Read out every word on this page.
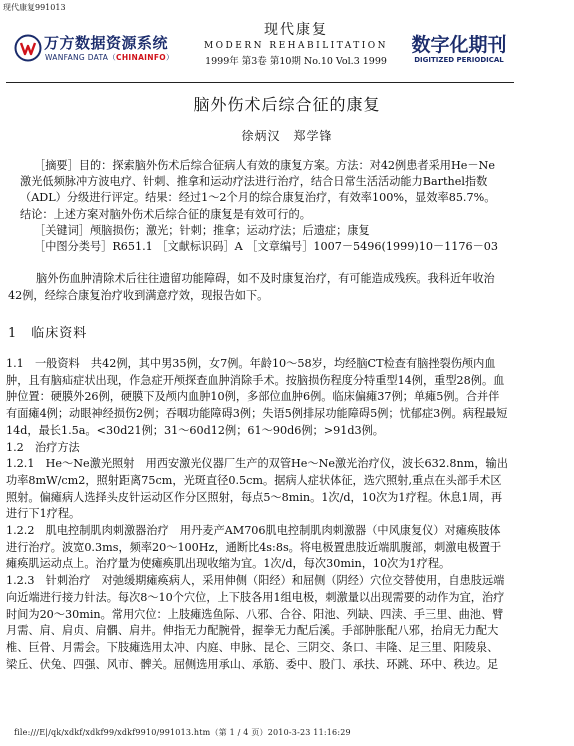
现代康复991013
万方数据资源系统
WANFANG DATA（CHINAINFO）
现代康复
MODERN REHABILITATION
1999年 第3卷 第10期 No.10 Vol.3 1999
数字化期刊
DIGITIZED PERIODICAL
脑外伤术后综合征的康复
徐炳汉　郑学锋

［摘要］目的：探索脑外伤术后综合征病人有效的康复方案。方法：对42例患者采用He－Ne激光低频脉冲方波电疗、针刺、推拿和运动疗法进行治疗，结合日常生活活动能力Barthel指数（ADL）分级进行评定。结果：经过1～2个月的综合康复治疗，有效率100%，显效率85.7%。结论：上述方案对脑外伤术后综合征的康复是有效可行的。

［关键词］颅脑损伤；激光；针刺；推拿；运动疗法；后遗症；康复

［中图分类号］R651.1 ［文献标识码］A ［文章编号］1007－5496(1999)10－1176－03

脑外伤血肿清除术后往往遗留功能障碍，如不及时康复治疗，有可能造成残疾。我科近年收治42例，经综合康复治疗收到满意疗效，现报告如下。

1　临床资料

1.1　一般资料　共42例，其中男35例，女7例。年龄10～58岁，均经脑CT检查有脑挫裂伤颅内血肿，且有脑疝症状出现，作急症开颅探查血肿消除手术。按脑损伤程度分特重型14例，重型28例。血肿位置：硬膜外26例，硬膜下及颅内血肿10例，多部位血肿6例。临床偏瘫37例；单瘫5例。合并伴有面瘫4例；动眼神经损伤2例；吞咽功能障碍3例；失语5例排尿功能障碍5例；忧郁症3例。病程最短14d，最长1.5a。<30d21例；31～60d12例；61～90d6例；>91d3例。

1.2　治疗方法

1.2.1　He～Ne激光照射　用西安激光仪器厂生产的双管He～Ne激光治疗仪，波长632.8nm，输出功率8mW/cm2，照射距离75cm，光斑直径0.5cm。据病人症状体征，选穴照射,重点在头部手术区照射。偏瘫病人选择头皮针运动区作分区照射，每点5～8min。1次/d，10次为1疗程。休息1周，再进行下1疗程。

1.2.2　肌电控制肌肉刺激器治疗　用丹麦产AM706肌电控制肌肉刺激器（中风康复仪）对瘫痪肢体进行治疗。波宽0.3ms，频率20～100Hz，通断比4s:8s。将电极置患肢近端肌腹部，刺激电极置于瘫痪肌运动点上。治疗量为使瘫痪肌出现收缩为宜。1次/d，每次30min，10次为1疗程。

1.2.3　针刺治疗　对弛缓期瘫痪病人，采用伸侧（阳经）和屈侧（阴经）穴位交替使用，自患肢远端向近端进行接力针法。每次8～10个穴位，上下肢各用1组电极，刺激量以出现需要的动作为宜，治疗时间为20～30min。常用穴位：上肢瘫选鱼际、八邪、合谷、阳池、列缺、四渎、手三里、曲池、臂月需、肩、肩贞、肩髃、肩井。伸指无力配腕骨，握拳无力配后溪。手部肿胀配八邪，抬肩无力配大椎、巨骨、月需会。下肢瘫选用太冲、内庭、申脉、昆仑、三阴交、条口、丰隆、足三里、阳陵泉、梁丘、伏兔、四强、风市、髀关。屈侧选用承山、承筋、委中、股门、承扶、环跳、环中、秩边。足

file:///E|/qk/xdkf/xdkf99/xdkf9910/991013.htm（第 1 / 4 页）2010-3-23 11:16:29
